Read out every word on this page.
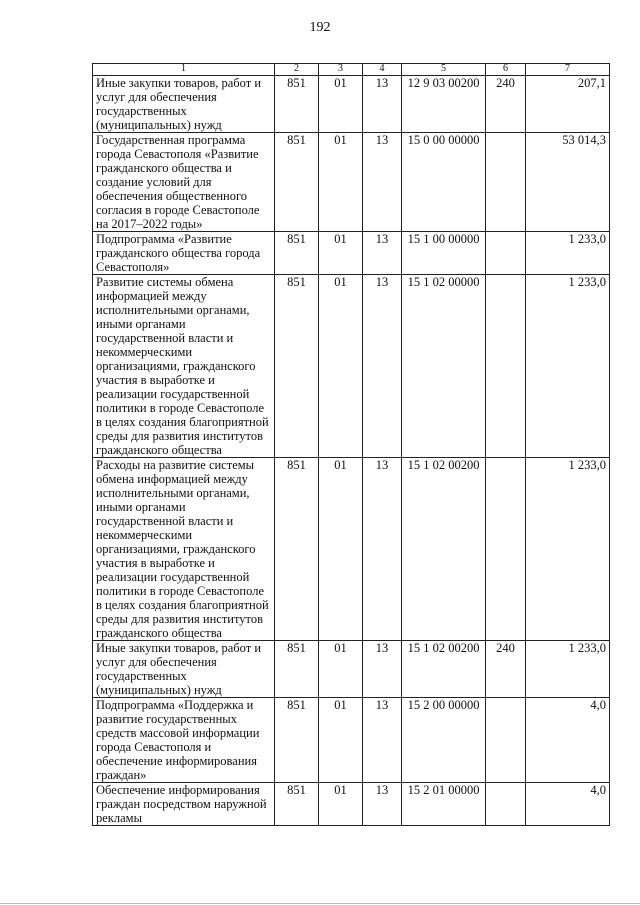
192
1	2	3	4	5	6	7
Иные закупки товаров, работ и услуг для обеспечения государственных (муниципальных) нужд	851	01	13	12 9 03 00200	240	207,1
Государственная программа города Севастополя «Развитие гражданского общества и создание условий для обеспечения общественного согласия в городе Севастополе на 2017–2022 годы»	851	01	13	15 0 00 00000		53 014,3
Подпрограмма «Развитие гражданского общества города Севастополя»	851	01	13	15 1 00 00000		1 233,0
Развитие системы обмена информацией между исполнительными органами, иными органами государственной власти и некоммерческими организациями, гражданского участия в выработке и реализации государственной политики в городе Севастополе в целях создания благоприятной среды для развития институтов гражданского общества	851	01	13	15 1 02 00000		1 233,0
Расходы на развитие системы обмена информацией между исполнительными органами, иными органами государственной власти и некоммерческими организациями, гражданского участия в выработке и реализации государственной политики в городе Севастополе в целях создания благоприятной среды для развития институтов гражданского общества	851	01	13	15 1 02 00200		1 233,0
Иные закупки товаров, работ и услуг для обеспечения государственных (муниципальных) нужд	851	01	13	15 1 02 00200	240	1 233,0
Подпрограмма «Поддержка и развитие государственных средств массовой информации города Севастополя и обеспечение информирования граждан»	851	01	13	15 2 00 00000		4,0
Обеспечение информирования граждан посредством наружной рекламы	851	01	13	15 2 01 00000		4,0
